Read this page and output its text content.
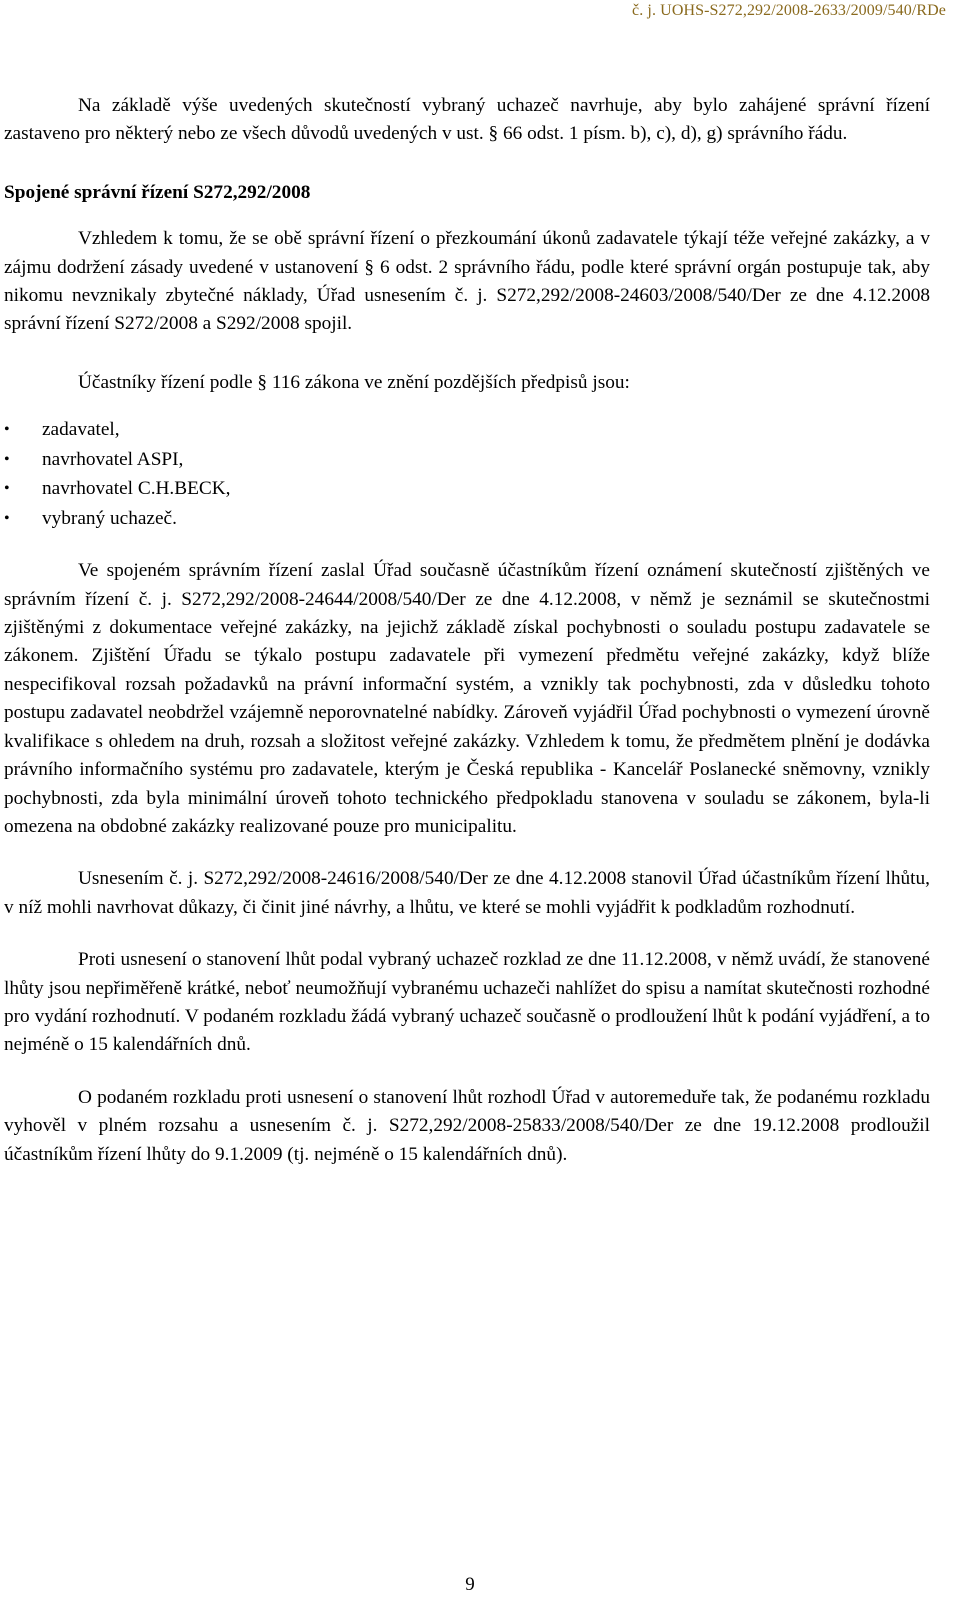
č. j. UOHS-S272,292/2008-2633/2009/540/RDe

Na základě výše uvedených skutečností vybraný uchazeč navrhuje, aby bylo zahájené správní řízení zastaveno pro některý nebo ze všech důvodů uvedených v ust. § 66 odst. 1 písm. b), c), d), g) správního řádu.

Spojené správní řízení S272,292/2008

Vzhledem k tomu, že se obě správní řízení o přezkoumání úkonů zadavatele týkají téže veřejné zakázky, a v zájmu dodržení zásady uvedené v ustanovení § 6 odst. 2 správního řádu, podle které správní orgán postupuje tak, aby nikomu nevznikaly zbytečné náklady, Úřad usnesením č. j. S272,292/2008-24603/2008/540/Der ze dne 4.12.2008 správní řízení S272/2008 a S292/2008 spojil.

Účastníky řízení podle § 116 zákona ve znění pozdějších předpisů jsou:

• zadavatel,
• navrhovatel ASPI,
• navrhovatel C.H.BECK,
• vybraný uchazeč.

Ve spojeném správním řízení zaslal Úřad současně účastníkům řízení oznámení skutečností zjištěných ve správním řízení č. j. S272,292/2008-24644/2008/540/Der ze dne 4.12.2008, v němž je seznámil se skutečnostmi zjištěnými z dokumentace veřejné zakázky, na jejichž základě získal pochybnosti o souladu postupu zadavatele se zákonem. Zjištění Úřadu se týkalo postupu zadavatele při vymezení předmětu veřejné zakázky, když blíže nespecifikoval rozsah požadavků na právní informační systém, a vznikly tak pochybnosti, zda v důsledku tohoto postupu zadavatel neobdržel vzájemně neporovnatelné nabídky. Zároveň vyjádřil Úřad pochybnosti o vymezení úrovně kvalifikace s ohledem na druh, rozsah a složitost veřejné zakázky. Vzhledem k tomu, že předmětem plnění je dodávka právního informačního systému pro zadavatele, kterým je Česká republika - Kancelář Poslanecké sněmovny, vznikly pochybnosti, zda byla minimální úroveň tohoto technického předpokladu stanovena v souladu se zákonem, byla-li omezena na obdobné zakázky realizované pouze pro municipalitu.

Usnesením č. j. S272,292/2008-24616/2008/540/Der ze dne 4.12.2008 stanovil Úřad účastníkům řízení lhůtu, v níž mohli navrhovat důkazy, či činit jiné návrhy, a lhůtu, ve které se mohli vyjádřit k podkladům rozhodnutí.

Proti usnesení o stanovení lhůt podal vybraný uchazeč rozklad ze dne 11.12.2008, v němž uvádí, že stanovené lhůty jsou nepřiměřeně krátké, neboť neumožňují vybranému uchazeči nahlížet do spisu a namítat skutečnosti rozhodné pro vydání rozhodnutí. V podaném rozkladu žádá vybraný uchazeč současně o prodloužení lhůt k podání vyjádření, a to nejméně o 15 kalendářních dnů.

O podaném rozkladu proti usnesení o stanovení lhůt rozhodl Úřad v autoremeduře tak, že podanému rozkladu vyhověl v plném rozsahu a usnesením č. j. S272,292/2008-25833/2008/540/Der ze dne 19.12.2008 prodloužil účastníkům řízení lhůty do 9.1.2009 (tj. nejméně o 15 kalendářních dnů).

9
